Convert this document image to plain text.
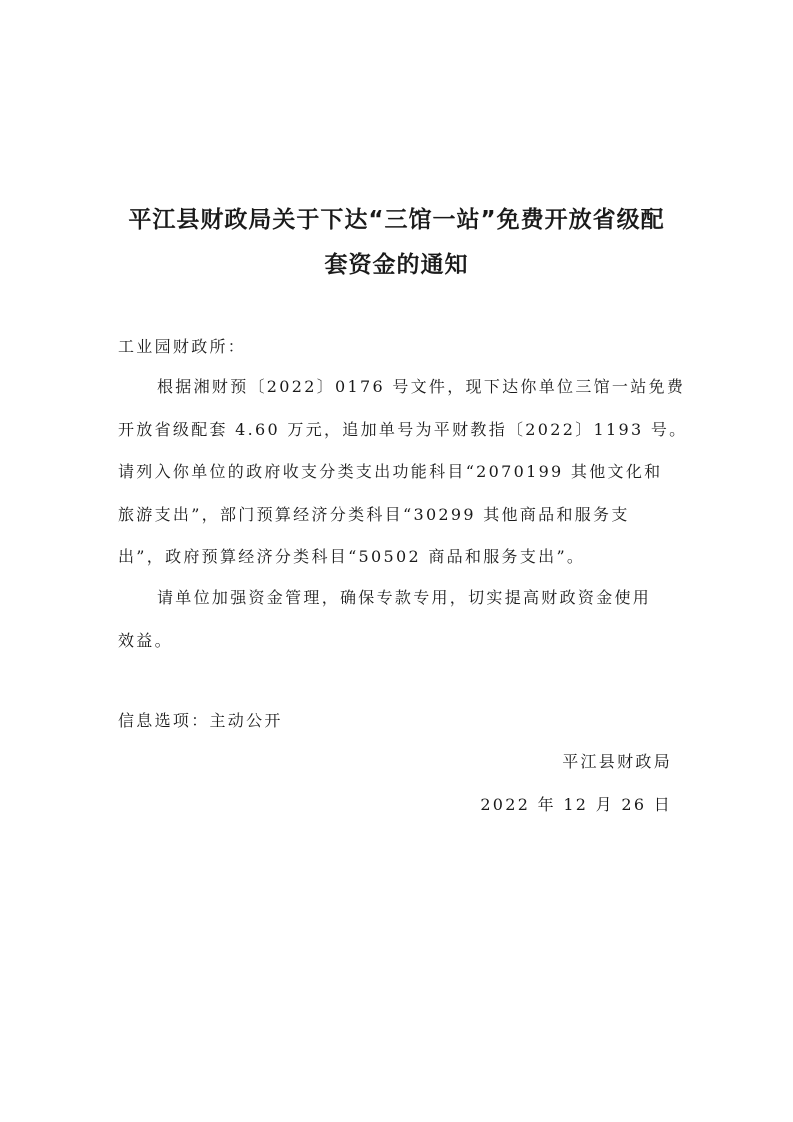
平江县财政局关于下达“三馆一站”免费开放省级配
套资金的通知
工业园财政所：
根据湘财预〔2022〕0176 号文件，现下达你单位三馆一站免费
开放省级配套 4.60 万元，追加单号为平财教指〔2022〕1193 号。
请列入你单位的政府收支分类支出功能科目“2070199 其他文化和
旅游支出”，部门预算经济分类科目“30299 其他商品和服务支
出”，政府预算经济分类科目“50502 商品和服务支出”。
请单位加强资金管理，确保专款专用，切实提高财政资金使用
效益。
信息选项：主动公开
平江县财政局
2022 年 12 月 26 日
